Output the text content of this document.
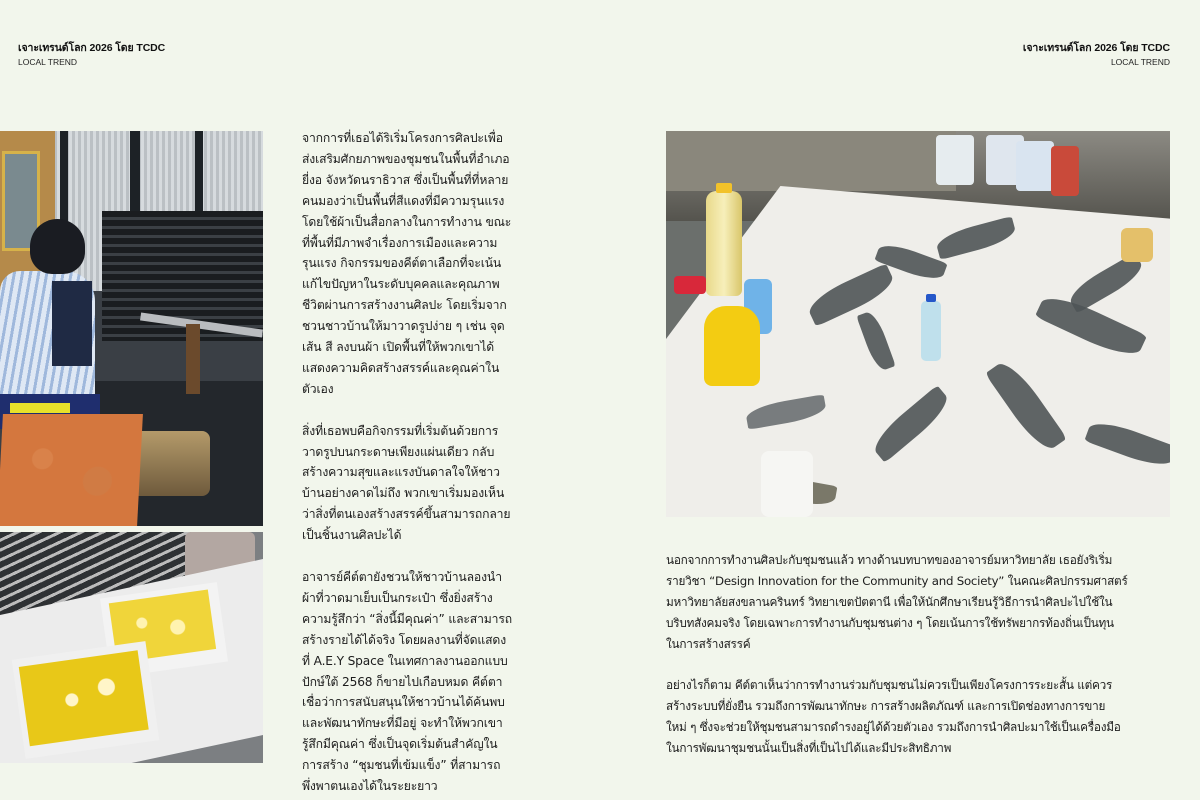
เจาะเทรนด์โลก 2026 โดย TCDC
LOCAL TREND
เจาะเทรนด์โลก 2026 โดย TCDC
LOCAL TREND

จากการที่เธอได้ริเริ่มโครงการศิลปะเพื่อ
ส่งเสริมศักยภาพของชุมชนในพื้นที่อำเภอ
ยี่งอ จังหวัดนราธิวาส ซึ่งเป็นพื้นที่ที่หลาย
คนมองว่าเป็นพื้นที่สีแดงที่มีความรุนแรง
โดยใช้ผ้าเป็นสื่อกลางในการทำงาน ขณะ
ที่พื้นที่มีภาพจำเรื่องการเมืองและความ
รุนแรง กิจกรรมของคีต์ตาเลือกที่จะเน้น
แก้ไขปัญหาในระดับบุคคลและคุณภาพ
ชีวิตผ่านการสร้างงานศิลปะ โดยเริ่มจาก
ชวนชาวบ้านให้มาวาดรูปง่าย ๆ เช่น จุด
เส้น สี ลงบนผ้า เปิดพื้นที่ให้พวกเขาได้
แสดงความคิดสร้างสรรค์และคุณค่าใน
ตัวเอง

สิ่งที่เธอพบคือกิจกรรมที่เริ่มต้นด้วยการ
วาดรูปบนกระดาษเพียงแผ่นเดียว กลับ
สร้างความสุขและแรงบันดาลใจให้ชาว
บ้านอย่างคาดไม่ถึง พวกเขาเริ่มมองเห็น
ว่าสิ่งที่ตนเองสร้างสรรค์ขึ้นสามารถกลาย
เป็นชิ้นงานศิลปะได้

อาจารย์คีต์ตายังชวนให้ชาวบ้านลองนำ
ผ้าที่วาดมาเย็บเป็นกระเป๋า ซึ่งยิ่งสร้าง
ความรู้สึกว่า “สิ่งนี้มีคุณค่า” และสามารถ
สร้างรายได้ได้จริง โดยผลงานที่จัดแสดง
ที่ A.E.Y Space ในเทศกาลงานออกแบบ
ปักษ์ใต้ 2568 ก็ขายไปเกือบหมด คีต์ตา
เชื่อว่าการสนับสนุนให้ชาวบ้านได้ค้นพบ
และพัฒนาทักษะที่มีอยู่ จะทำให้พวกเขา
รู้สึกมีคุณค่า ซึ่งเป็นจุดเริ่มต้นสำคัญใน
การสร้าง “ชุมชนที่เข้มแข็ง” ที่สามารถ
พึ่งพาตนเองได้ในระยะยาว

นอกจากการทำงานศิลปะกับชุมชนแล้ว ทางด้านบทบาทของอาจารย์มหาวิทยาลัย เธอยังริเริ่ม
รายวิชา “Design Innovation for the Community and Society” ในคณะศิลปกรรมศาสตร์
มหาวิทยาลัยสงขลานครินทร์ วิทยาเขตปัตตานี เพื่อให้นักศึกษาเรียนรู้วิธีการนำศิลปะไปใช้ใน
บริบทสังคมจริง โดยเฉพาะการทำงานกับชุมชนต่าง ๆ โดยเน้นการใช้ทรัพยากรท้องถิ่นเป็นทุน
ในการสร้างสรรค์

อย่างไรก็ตาม คีต์ตาเห็นว่าการทำงานร่วมกับชุมชนไม่ควรเป็นเพียงโครงการระยะสั้น แต่ควร
สร้างระบบที่ยั่งยืน รวมถึงการพัฒนาทักษะ การสร้างผลิตภัณฑ์ และการเปิดช่องทางการขาย
ใหม่ ๆ ซึ่งจะช่วยให้ชุมชนสามารถดำรงอยู่ได้ด้วยตัวเอง รวมถึงการนำศิลปะมาใช้เป็นเครื่องมือ
ในการพัฒนาชุมชนนั้นเป็นสิ่งที่เป็นไปได้และมีประสิทธิภาพ
